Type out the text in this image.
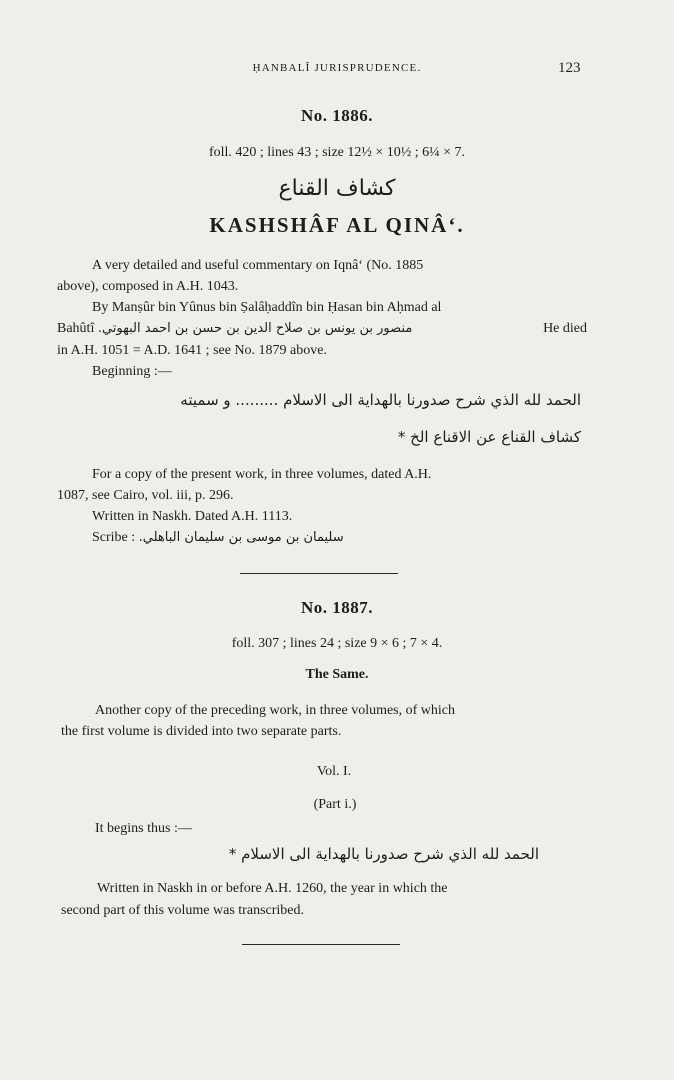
ḤANBALÎ JURISPRUDENCE.	123
No. 1886.
foll. 420 ; lines 43 ; size 12½ × 10½ ; 6¼ × 7.
كشاف القناع
KASHSHÂF AL QINÂ‘.
A very detailed and useful commentary on Iqnâ‘ (No. 1885
above), composed in A.H. 1043.
By Manṣûr bin Yûnus bin Ṣalâḥaddîn bin Ḥasan bin Aḥmad al
Bahûtî منصور بن يونس بن صلاح الدين بن حسن بن احمد البهوتي.	He died
in A.H. 1051 = A.D. 1641 ; see No. 1879 above.
Beginning :—
الحمد لله الذي شرح صدورنا بالهداية الى الاسلام ......... و سميته
كشاف القناع عن الاقناع الخ *
For a copy of the present work, in three volumes, dated A.H.
1087, see Cairo, vol. iii, p. 296.
Written in Naskh. Dated A.H. 1113.
Scribe : سليمان بن موسى بن سليمان الباهلي.
No. 1887.
foll. 307 ; lines 24 ; size 9 × 6 ; 7 × 4.
The Same.
Another copy of the preceding work, in three volumes, of which
the first volume is divided into two separate parts.
Vol. I.
(Part i.)
It begins thus :—
الحمد لله الذي شرح صدورنا بالهداية الى الاسلام *
Written in Naskh in or before A.H. 1260, the year in which the
second part of this volume was transcribed.
